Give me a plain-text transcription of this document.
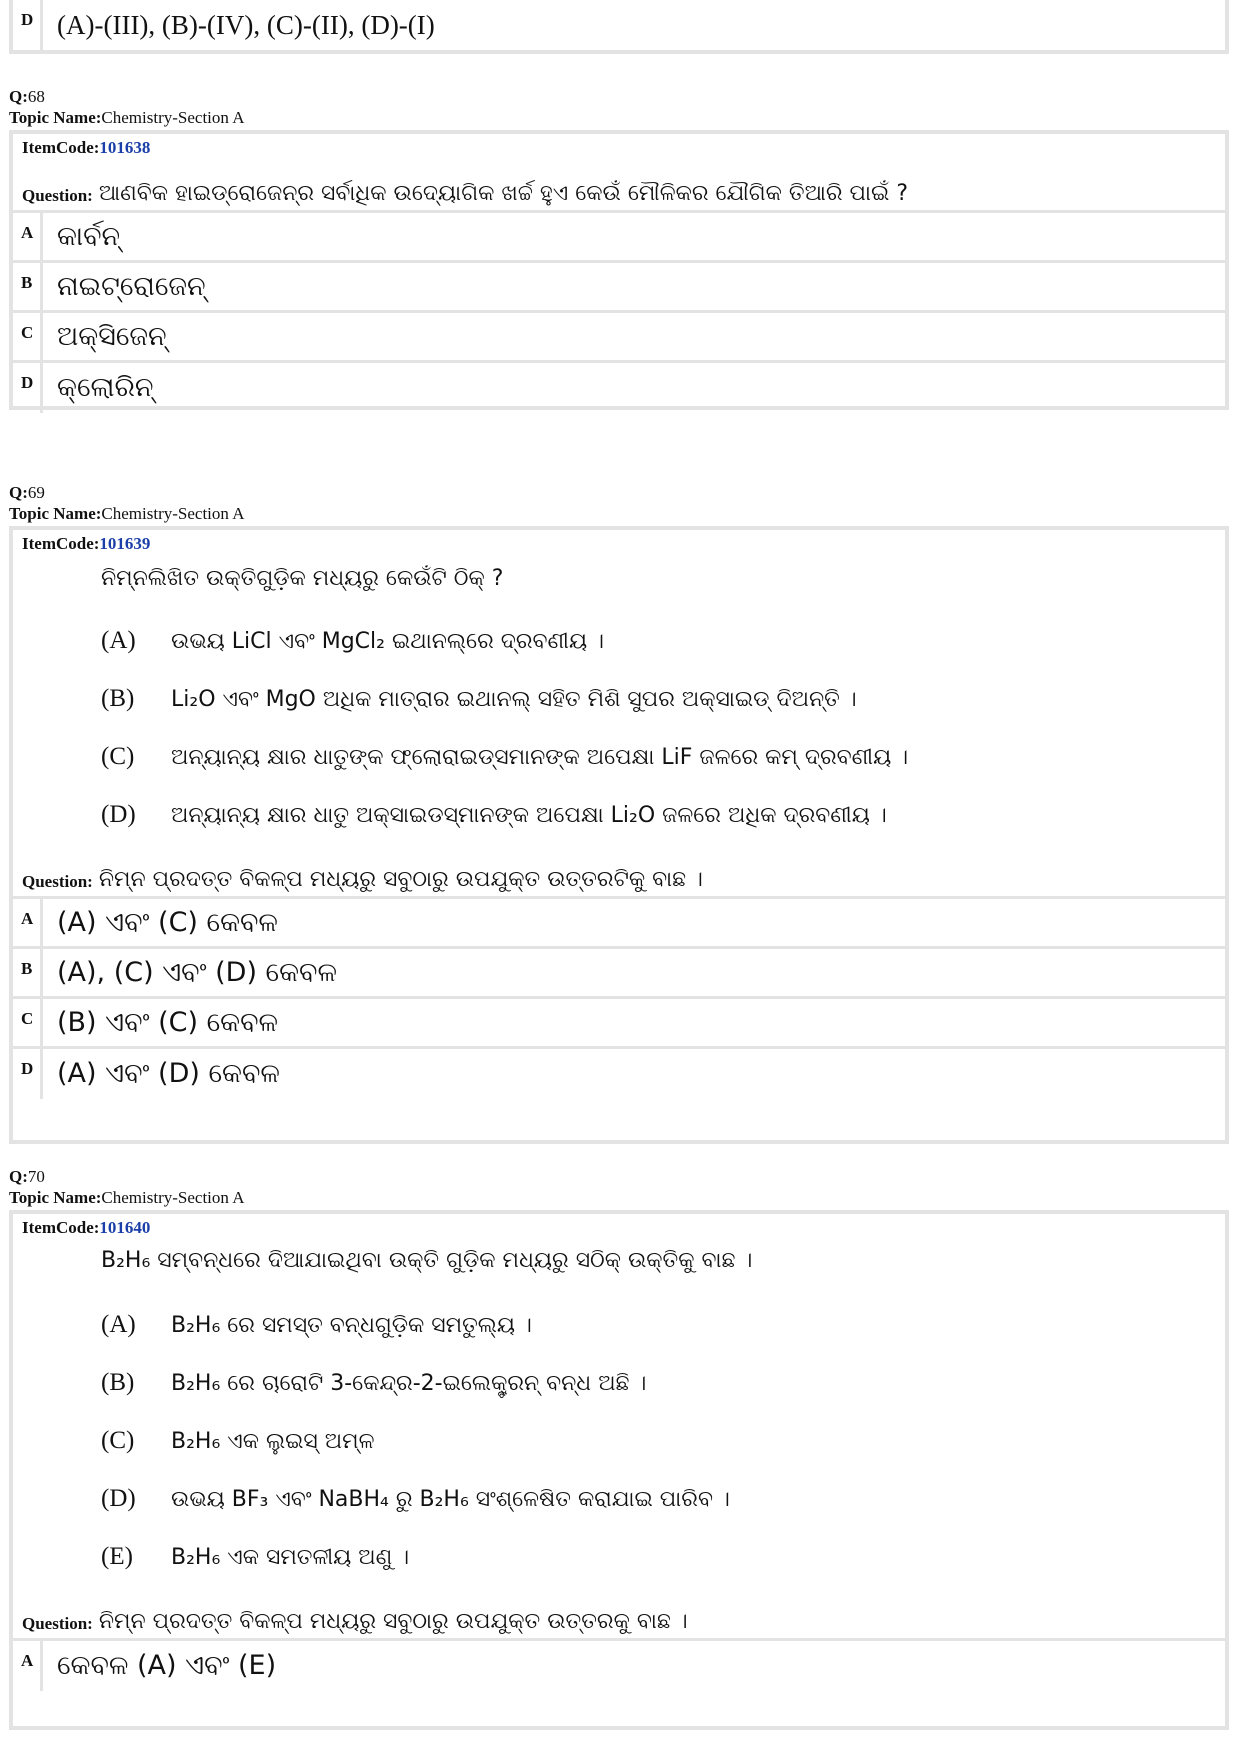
D (A)-(III), (B)-(IV), (C)-(II), (D)-(I)
Q:68
Topic Name:Chemistry-Section A
ItemCode:101638
Question: ଆଣବିକ ହାଇଡ୍ରୋଜେନ୍‌ର ସର୍ବାଧିକ ଉଦ୍ୟୋଗିକ ଖର୍ଚ୍ଚ ହୁଏ କେଉଁ ମୌଳିକର ଯୌଗିକ ତିଆରି ପାଇଁ ?
A କାର୍ବନ୍
B ନାଇଟ୍ରୋଜେନ୍
C ଅକ୍ସିଜେନ୍
D କ୍ଲୋରିନ୍
Q:69
Topic Name:Chemistry-Section A
ItemCode:101639
ନିମ୍ନଲିଖିତ ଉକ୍ତିଗୁଡ଼ିକ ମଧ୍ୟରୁ କେଉଁଟି ଠିକ୍ ?
(A)	ଉଭୟ LiCl ଏବଂ MgCl₂ ଇଥାନଲ୍‌ରେ ଦ୍ରବଣୀୟ ।
(B)	Li₂O ଏବଂ MgO ଅଧିକ ମାତ୍ରାର ଇଥାନଲ୍ ସହିତ ମିଶି ସୁପର ଅକ୍ସାଇଡ୍ ଦିଅନ୍ତି ।
(C)	ଅନ୍ୟାନ୍ୟ କ୍ଷାର ଧାତୁଙ୍କ ଫ୍ଲୋରାଇଡ୍‌ସମାନଙ୍କ ଅପେକ୍ଷା LiF ଜଳରେ କମ୍ ଦ୍ରବଣୀୟ ।
(D)	ଅନ୍ୟାନ୍ୟ କ୍ଷାର ଧାତୁ ଅକ୍ସାଇଡସ୍‌ମାନଙ୍କ ଅପେକ୍ଷା Li₂O ଜଳରେ ଅଧିକ ଦ୍ରବଣୀୟ ।
Question: ନିମ୍ନ ପ୍ରଦତ୍ତ ବିକଳ୍ପ ମଧ୍ୟରୁ ସବୁଠାରୁ ଉପଯୁକ୍ତ ଉତ୍ତରଟିକୁ ବାଛ ।
A (A) ଏବଂ (C) କେବଳ
B (A), (C) ଏବଂ (D) କେବଳ
C (B) ଏବଂ (C) କେବଳ
D (A) ଏବଂ (D) କେବଳ
Q:70
Topic Name:Chemistry-Section A
ItemCode:101640
B₂H₆ ସମ୍ବନ୍ଧରେ ଦିଆଯାଇଥିବା ଉକ୍ତି ଗୁଡ଼ିକ ମଧ୍ୟରୁ ସଠିକ୍ ଉକ୍ତିକୁ ବାଛ ।
(A)	B₂H₆ ରେ ସମସ୍ତ ବନ୍ଧଗୁଡ଼ିକ ସମତୁଲ୍ୟ ।
(B)	B₂H₆ ରେ ଚାରୋଟି 3-କେନ୍ଦ୍ର-2-ଇଲେକ୍ଟ୍ରନ୍ ବନ୍ଧ ଅଛି ।
(C)	B₂H₆ ଏକ ଲୁଇସ୍ ଅମ୍ଳ
(D)	ଉଭୟ BF₃ ଏବଂ NaBH₄ ରୁ B₂H₆ ସଂଶ୍ଳେଷିତ କରାଯାଇ ପାରିବ ।
(E)	B₂H₆ ଏକ ସମତଳୀୟ ଅଣୁ ।
Question: ନିମ୍ନ ପ୍ରଦତ୍ତ ବିକଳ୍ପ ମଧ୍ୟରୁ ସବୁଠାରୁ ଉପଯୁକ୍ତ ଉତ୍ତରକୁ ବାଛ ।
A କେବଳ (A) ଏବଂ (E)
